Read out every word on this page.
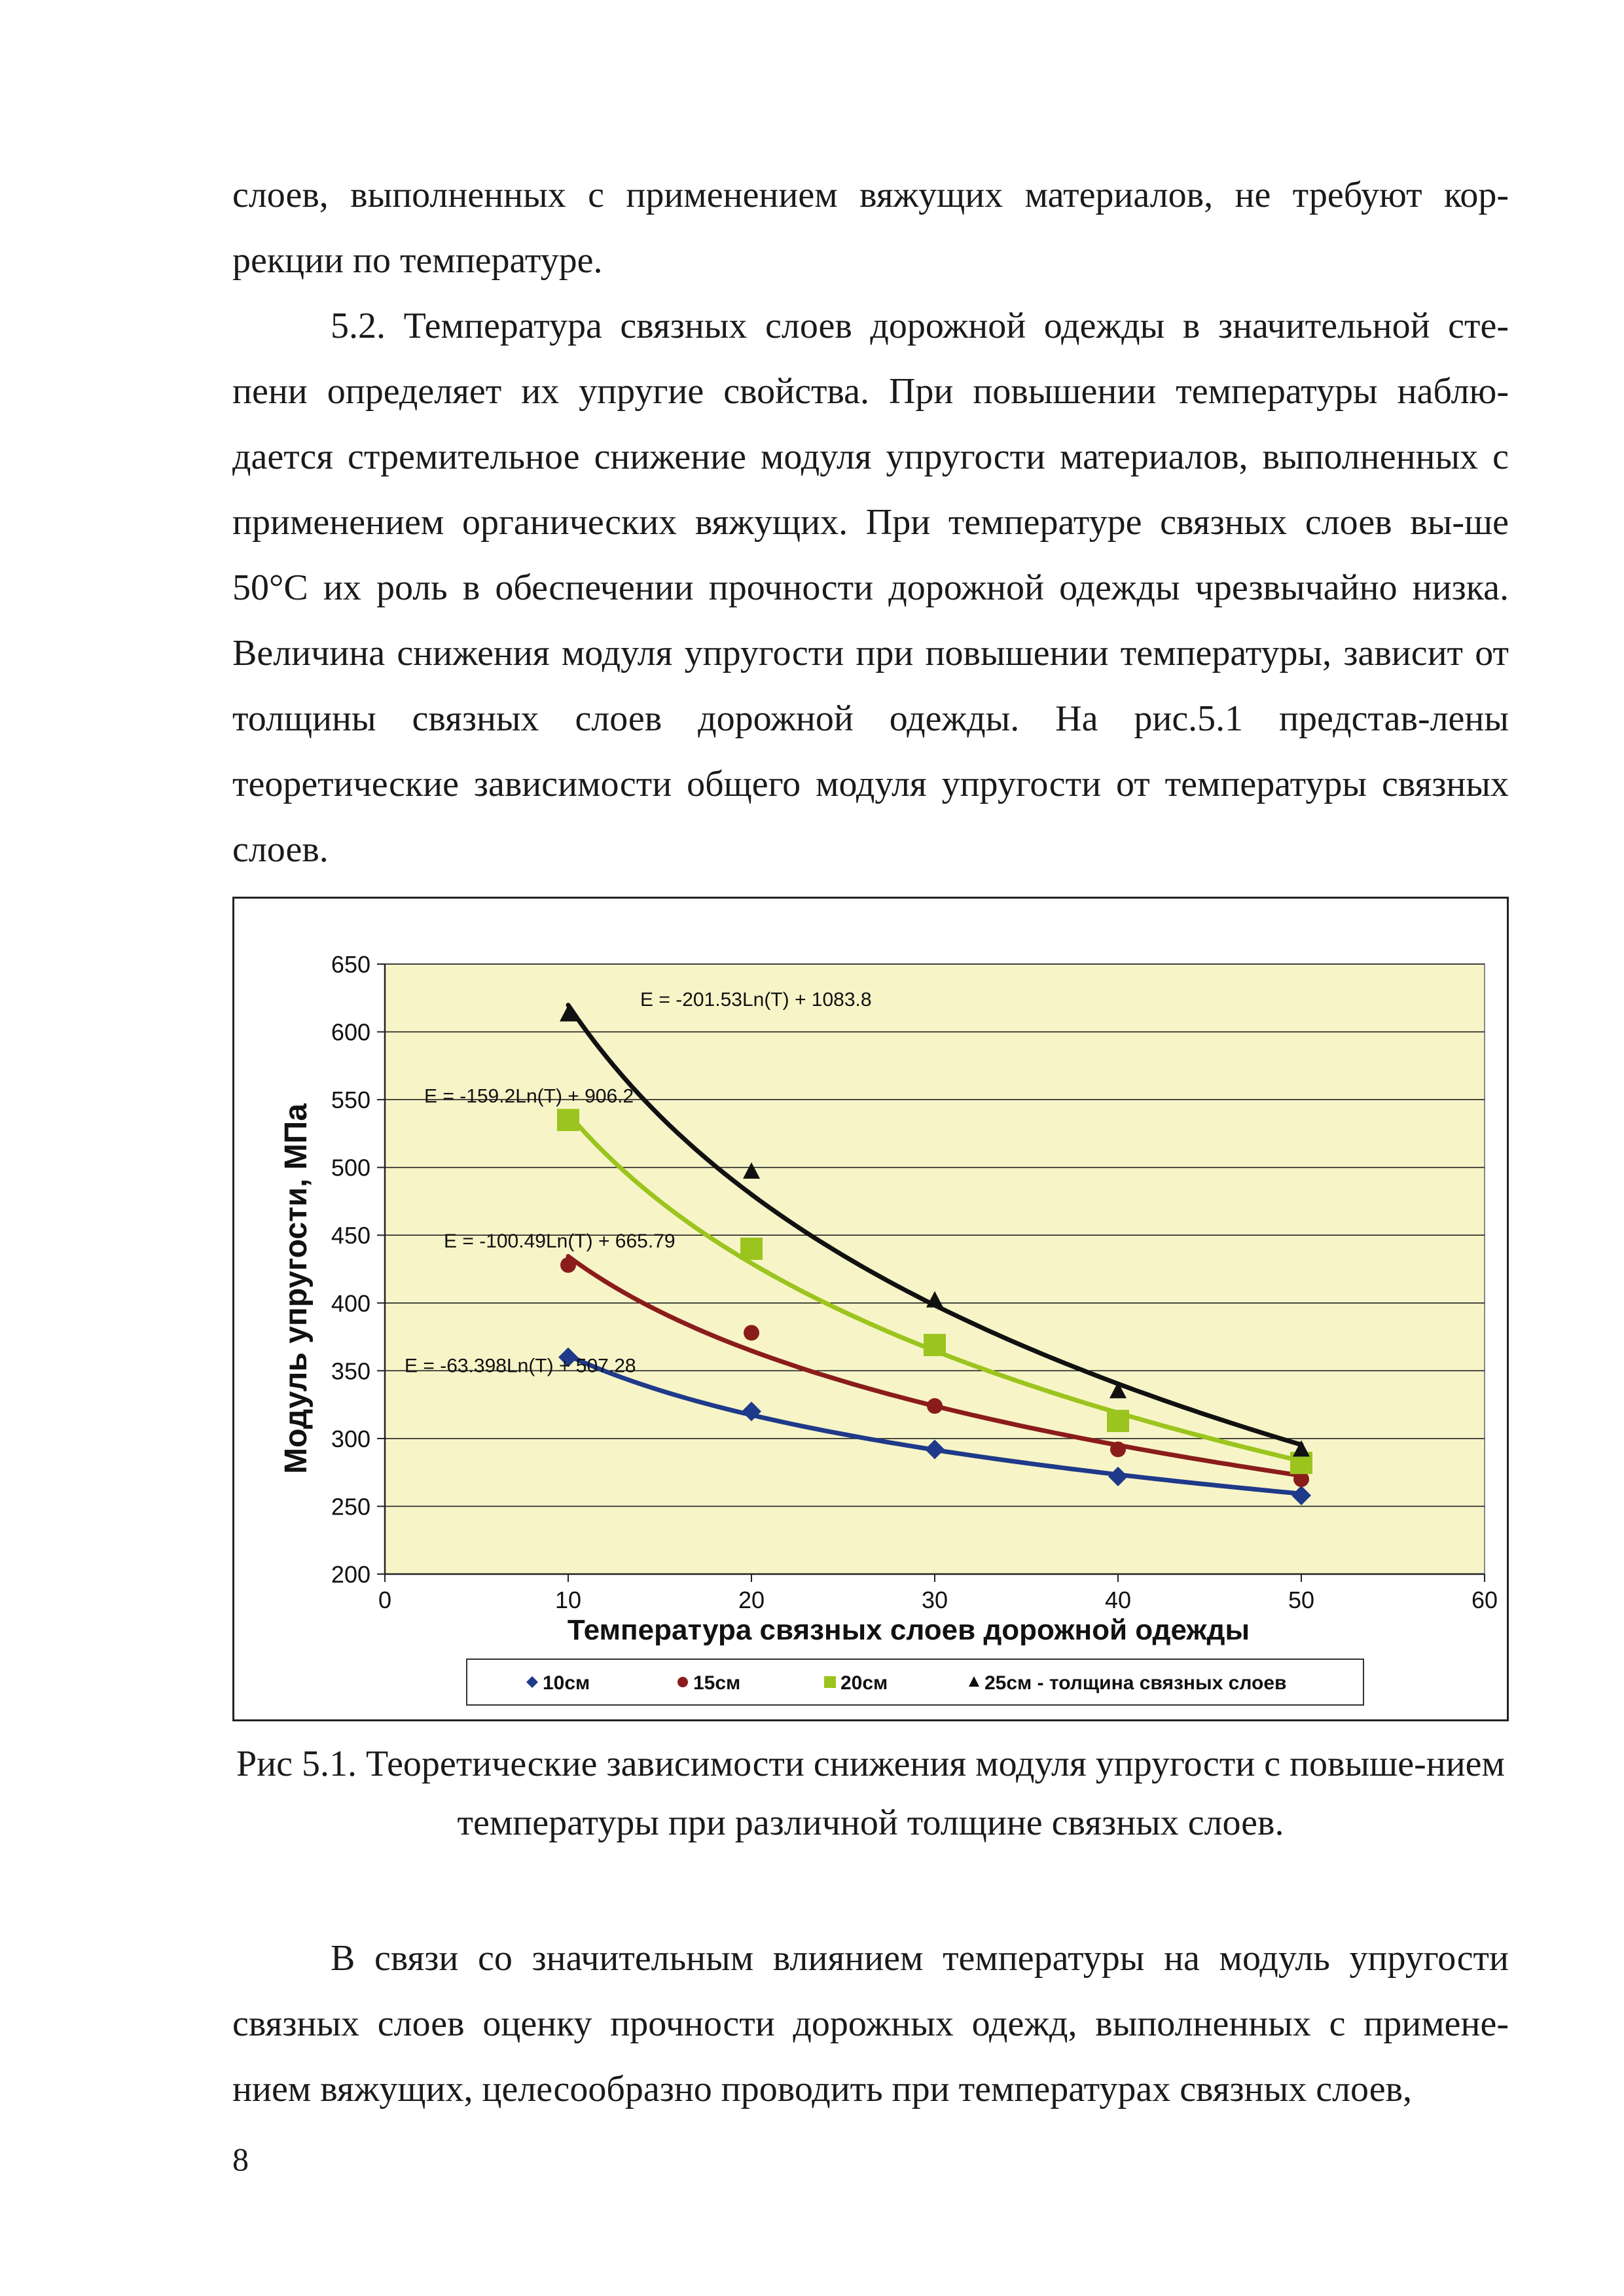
слоев, выполненных с применением вяжущих материалов, не требуют кор-рекции по температуре.

5.2. Температура связных слоев дорожной одежды в значительной сте-пени определяет их упругие свойства. При повышении температуры наблю-дается стремительное снижение модуля упругости материалов, выполненных с применением органических вяжущих. При температуре связных слоев вы-ше 50°С их роль в обеспечении прочности дорожной одежды чрезвычайно низка. Величина снижения модуля упругости при повышении температуры, зависит от толщины связных слоев дорожной одежды. На рис.5.1 представ-лены теоретические зависимости общего модуля упругости от температуры связных слоев.

200
250
300
350
400
450
500
550
600
650
0	10	20	30	40	50	60
Температура связных слоев дорожной одежды
Модуль упругости, МПа	E = -63.398Ln(T) + 507.28
E = -100.49Ln(T) + 665.79
E = -159.2Ln(T) + 906.2
E = -201.53Ln(T) + 1083.8
10см	15см	20см	25см - толщина связных слоев

Рис 5.1. Теоретические зависимости снижения модуля упругости с повыше-нием температуры при различной толщине связных слоев.

В связи со значительным влиянием температуры на модуль упругости связных слоев оценку прочности дорожных одежд, выполненных с примене-нием вяжущих, целесообразно проводить при температурах связных слоев,

8
